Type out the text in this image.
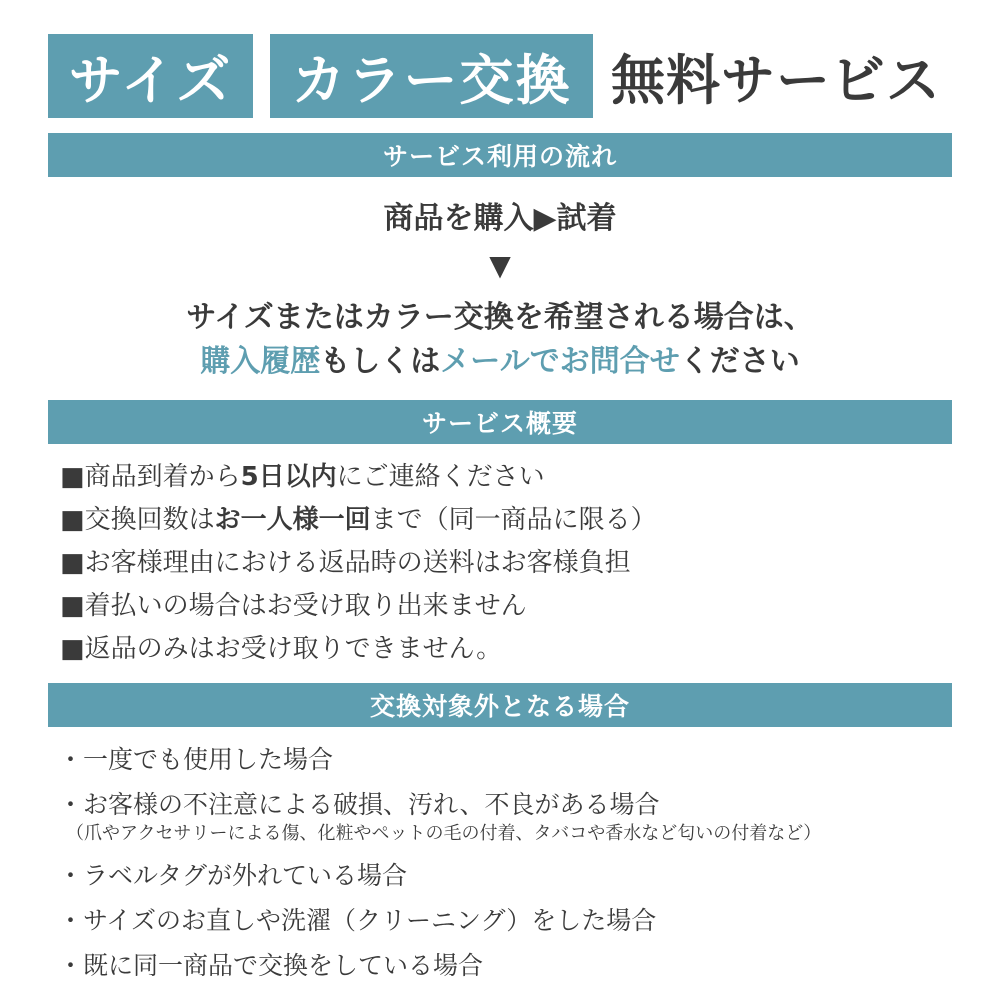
サイズ	カラー交換 無料サービス
サービス利用の流れ
商品を購入▶試着
▼
サイズまたはカラー交換を希望される場合は、
購入履歴もしくはメールでお問合せください
サービス概要
■商品到着から 5日以内 にご連絡ください
■交換回数は お一人様一回 まで（同一商品に限る）
■お客様理由における返品時の送料はお客様負担
■着払いの場合はお受け取り出来ません
■返品のみはお受け取りできません。
交換対象外となる場合
・一度でも使用した場合
・お客様の不注意による破損、汚れ、不良がある場合
（爪やアクセサリーによる傷、化粧やペットの毛の付着、タバコや香水など匂いの付着など）
・ラベルタグが外れている場合
・サイズのお直しや洗濯（クリーニング）をした場合
・既に同一商品で交換をしている場合
